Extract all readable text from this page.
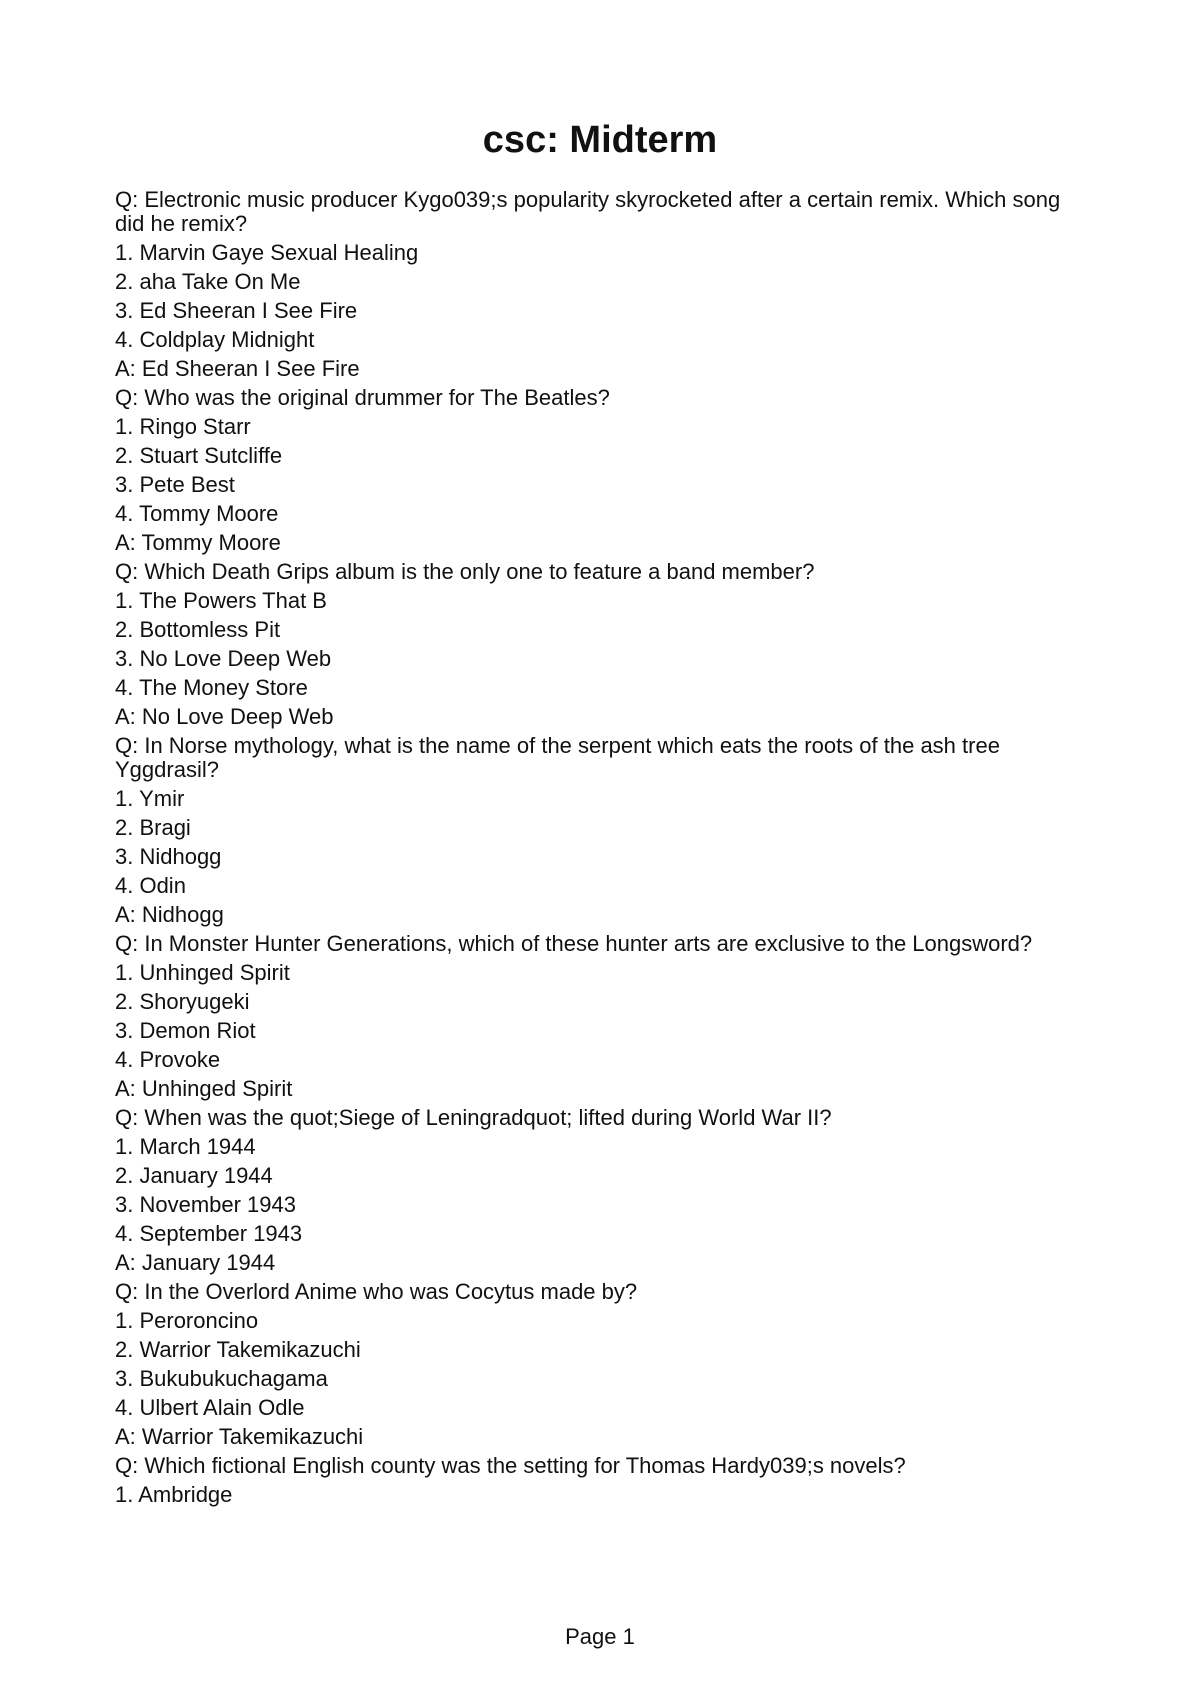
csc: Midterm
Q: Electronic music producer Kygo039;s popularity skyrocketed after a certain remix. Which song did he remix?
1. Marvin Gaye Sexual Healing
2. aha Take On Me
3. Ed Sheeran I See Fire
4. Coldplay Midnight
A: Ed Sheeran I See Fire
Q: Who was the original drummer for The Beatles?
1. Ringo Starr
2. Stuart Sutcliffe
3. Pete Best
4. Tommy Moore
A: Tommy Moore
Q: Which Death Grips album is the only one to feature a band member?
1. The Powers That B
2. Bottomless Pit
3. No Love Deep Web
4. The Money Store
A: No Love Deep Web
Q: In Norse mythology, what is the name of the serpent which eats the roots of the ash tree Yggdrasil?
1. Ymir
2. Bragi
3. Nidhogg
4. Odin
A: Nidhogg
Q: In Monster Hunter Generations, which of these hunter arts are exclusive to the Longsword?
1. Unhinged Spirit
2. Shoryugeki
3. Demon Riot
4. Provoke
A: Unhinged Spirit
Q: When was the quot;Siege of Leningradquot; lifted during World War II?
1. March 1944
2. January 1944
3. November 1943
4. September 1943
A: January 1944
Q: In the Overlord Anime who was Cocytus made by?
1. Peroroncino
2. Warrior Takemikazuchi
3. Bukubukuchagama
4. Ulbert Alain Odle
A: Warrior Takemikazuchi
Q: Which fictional English county was the setting for Thomas Hardy039;s novels?
1. Ambridge
Page 1
